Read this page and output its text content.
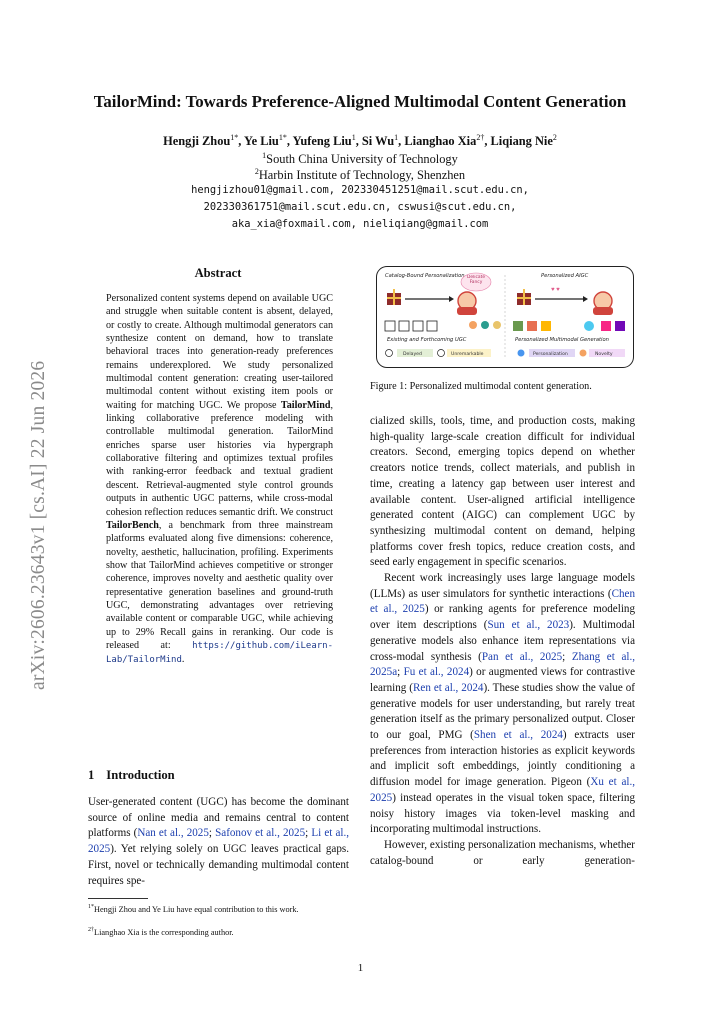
arXiv:2606.23643v1 [cs.AI] 22 Jun 2026
TailorMind: Towards Preference-Aligned Multimodal Content Generation
Hengji Zhou$^{1*}$, Ye Liu$^{1*}$, Yufeng Liu$^1$, Si Wu$^1$, Lianghao Xia$^{2\dagger}$, Liqiang Nie$^2$
$^1$South China University of Technology
$^2$Harbin Institute of Technology, Shenzhen
hengjizhou01@gmail.com, 202330451251@mail.scut.edu.cn,
202330361751@mail.scut.edu.cn, cswusi@scut.edu.cn,
aka_xia@foxmail.com, nieliqiang@gmail.com
Abstract
Personalized content systems depend on available UGC and struggle when suitable content is absent, delayed, or costly to create. Although multimodal generators can synthesize content on demand, how to translate behavioral traces into generation-ready preferences remains underexplored. We study personalized multimodal content generation: creating user-tailored multimodal content without existing item pools or waiting for matching UGC. We propose TailorMind, linking collaborative preference modeling with controllable multimodal generation. TailorMind enriches sparse user histories via hypergraph collaborative filtering and optimizes textual profiles with ranking-error feedback and textual gradient descent. Retrieval-augmented style control grounds outputs in authentic UGC patterns, while cross-modal cohesion reflection reduces semantic drift. We construct TailorBench, a benchmark from three mainstream platforms evaluated along five dimensions: coherence, novelty, aesthetic, hallucination, profiling. Experiments show that TailorMind achieves competitive or stronger coherence, improves novelty and aesthetic quality over representative generation baselines and ground-truth UGC, demonstrating advantages over retrieving available content or comparable UGC, while achieving up to 29% Recall gains in reranking. Our code is released at: https://github.com/iLearn-Lab/TailorMind.
1 Introduction
User-generated content (UGC) has become the dominant source of online media and remains central to content platforms (Nan et al., 2025; Safonov et al., 2025; Li et al., 2025). Yet relying solely on UGC leaves practical gaps. First, novel or technically demanding multimodal content requires spe-
$^{1*}$Hengji Zhou and Ye Liu have equal contribution to this work.
$^{2\dagger}$Lianghao Xia is the corresponding author.
Catalog-Bound Personalization	Personalized AIGC
Delicate Fancy
♥ ♥
Existing and Forthcoming UGC	Personalized Multimodal Generation
Delayed	Unremarkable	Personalization	Novelty
Figure 1: Personalized multimodal content generation.

cialized skills, tools, time, and production costs, making high-quality large-scale creation difficult for individual creators. Second, emerging topics depend on whether creators notice trends, collect materials, and publish in time, creating a latency gap between user interest and available content. User-aligned artificial intelligence generated content (AIGC) can complement UGC by synthesizing multimodal content on demand, helping platforms cover fresh topics, reduce creation costs, and seed early engagement in specific scenarios.

Recent work increasingly uses large language models (LLMs) as user simulators for synthetic interactions (Chen et al., 2025) or ranking agents for preference modeling over item descriptions (Sun et al., 2023). Multimodal generative models also enhance item representations via cross-modal synthesis (Pan et al., 2025; Zhang et al., 2025a; Fu et al., 2024) or augmented views for contrastive learning (Ren et al., 2024). These studies show the value of generative models for user understanding, but rarely treat generation itself as the primary personalized output. Closer to our goal, PMG (Shen et al., 2024) extracts user preferences from interaction histories as explicit keywords and implicit soft embeddings, jointly conditioning a diffusion model for image generation. Pigeon (Xu et al., 2025) instead operates in the visual token space, filtering noisy history images via token-level masking and incorporating multimodal instructions.

However, existing personalization mechanisms, whether catalog-bound or early generation-

1
